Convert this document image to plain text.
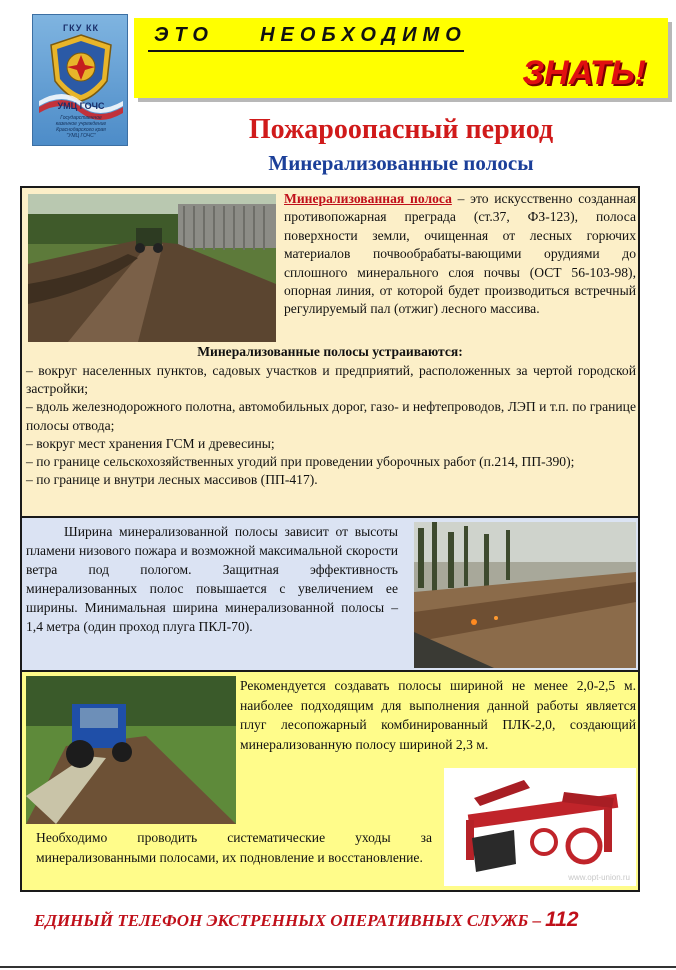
ГКУ КК
УМЦ ГОЧС
Государственное
казенное учреждение
Краснодарского края
"УМЦ ГОЧС"
ЭТО    НЕОБХОДИМО
ЗНАТЬ!
Пожароопасный период
Минерализованные полосы

Минерализованная полоса – это искусственно созданная противопожарная преграда (ст.37, ФЗ-123), полоса поверхности земли, очищенная от лесных горючих материалов почвообрабаты-вающими орудиями до сплошного минерального слоя почвы (ОСТ 56-103-98), опорная линия, от которой будет производиться встречный регулируемый пал (отжиг) лесного массива.

Минерализованные полосы устраиваются:
– вокруг населенных пунктов, садовых участков и предприятий, расположенных за чертой городской застройки;
– вдоль железнодорожного полотна, автомобильных дорог, газо- и нефтепроводов, ЛЭП и т.п. по границе полосы отвода;
– вокруг мест хранения ГСМ и древесины;
– по границе сельскохозяйственных угодий при проведении уборочных работ (п.214, ПП-390);
– по границе и внутри лесных массивов (ПП-417).

Ширина минерализованной полосы зависит от высоты пламени низового пожара и возможной максимальной скорости ветра под пологом. Защитная эффективность минерализованных полос повышается с увеличением ее ширины. Минимальная ширина минерализованной полосы – 1,4 метра (один проход плуга ПКЛ-70).

Рекомендуется создавать полосы шириной не менее 2,0-2,5 м. наиболее подходящим для выполнения данной работы является плуг лесопожарный комбинированный ПЛК-2,0, создающий минерализованную полосу шириной 2,3 м.

Необходимо проводить систематические уходы за минерализованными полосами, их подновление и восстановление.

www.opt-union.ru
ЕДИНЫЙ ТЕЛЕФОН ЭКСТРЕННЫХ ОПЕРАТИВНЫХ СЛУЖБ – 112
